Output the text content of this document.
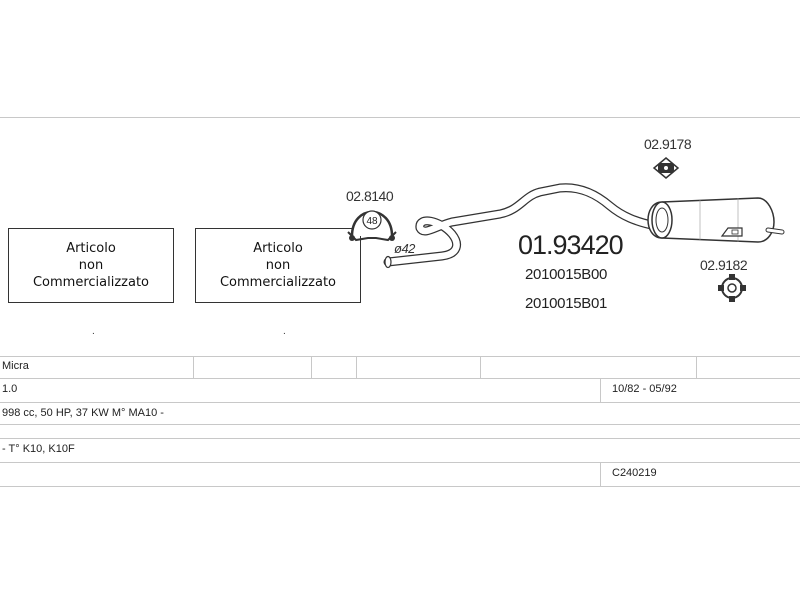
Articolo
non
Commercializzato
Articolo
non
Commercializzato
.	.
48
02.8140
ø42	01.93420
2010015B00
2010015B01
02.9178
02.9182
Micra
1.0	10/82 - 05/92
998 cc, 50 HP, 37 KW M° MA10 -
- T° K10, K10F
C240219
